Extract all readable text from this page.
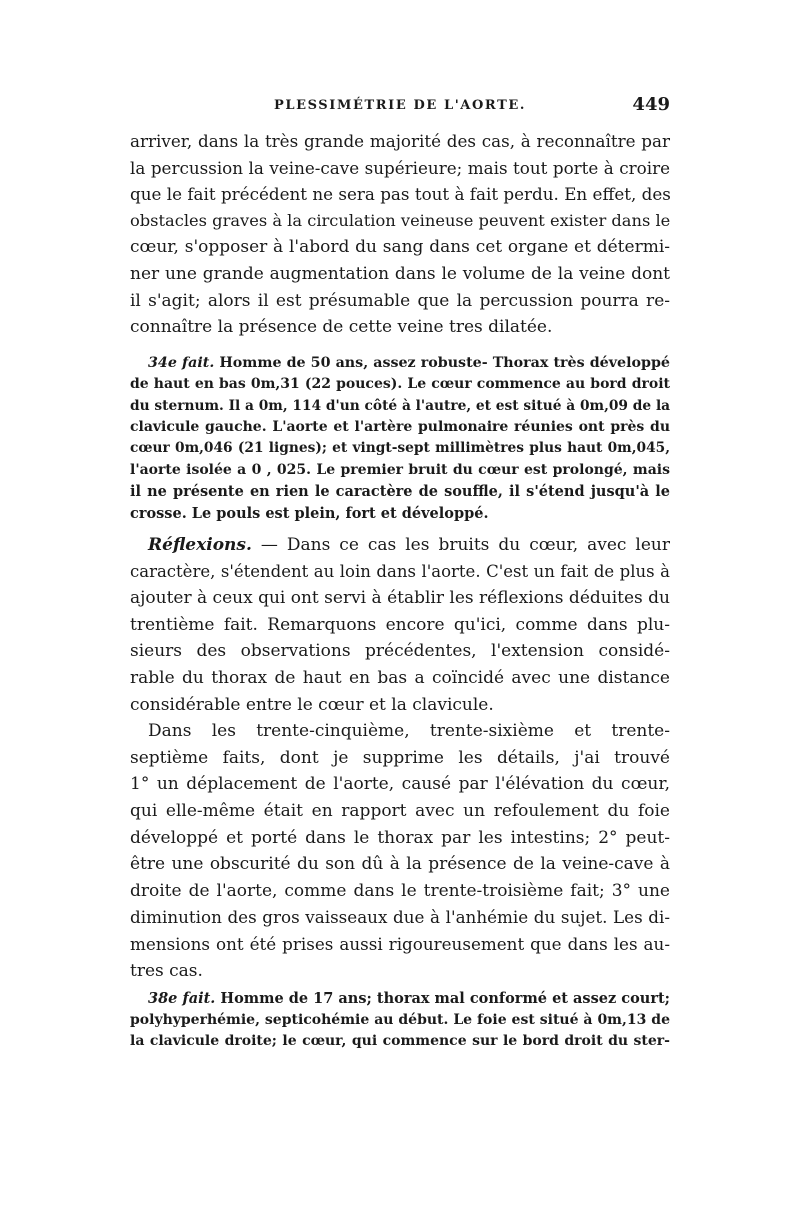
PLESSIMÉTRIE DE L'AORTE.	449
arriver, dans la très grande majorité des cas, à reconnaître par
la percussion la veine-cave supérieure; mais tout porte à croire
que le fait précédent ne sera pas tout à fait perdu. En effet, des
obstacles graves à la circulation veineuse peuvent exister dans le
cœur, s'opposer à l'abord du sang dans cet organe et détermi-
ner une grande augmentation dans le volume de la veine dont
il s'agit; alors il est présumable que la percussion pourra re-
connaître la présence de cette veine tres dilatée.
34e fait. Homme de 50 ans, assez robuste- Thorax très développé
de haut en bas 0m,31 (22 pouces). Le cœur commence au bord droit
du sternum. Il a 0m, 114 d'un côté à l'autre, et est situé à 0m,09 de la
clavicule gauche. L'aorte et l'artère pulmonaire réunies ont près du
cœur 0m,046 (21 lignes); et vingt-sept millimètres plus haut 0m,045,
l'aorte isolée a 0 , 025. Le premier bruit du cœur est prolongé, mais
il ne présente en rien le caractère de souffle, il s'étend jusqu'à le
crosse. Le pouls est plein, fort et développé.
Réflexions. — Dans ce cas les bruits du cœur, avec leur
caractère, s'étendent au loin dans l'aorte. C'est un fait de plus à
ajouter à ceux qui ont servi à établir les réflexions déduites du
trentième fait. Remarquons encore qu'ici, comme dans plu-
sieurs des observations précédentes, l'extension considé-
rable du thorax de haut en bas a coïncidé avec une distance
considérable entre le cœur et la clavicule.
Dans les trente-cinquième, trente-sixième et trente-
septième faits, dont je supprime les détails, j'ai trouvé
1° un déplacement de l'aorte, causé par l'élévation du cœur,
qui elle-même était en rapport avec un refoulement du foie
développé et porté dans le thorax par les intestins; 2° peut-
être une obscurité du son dû à la présence de la veine-cave à
droite de l'aorte, comme dans le trente-troisième fait; 3° une
diminution des gros vaisseaux due à l'anhémie du sujet. Les di-
mensions ont été prises aussi rigoureusement que dans les au-
tres cas.
38e fait. Homme de 17 ans; thorax mal conformé et assez court;
polyhyperhémie, septicohémie au début. Le foie est situé à 0m,13 de
la clavicule droite; le cœur, qui commence sur le bord droit du ster-
